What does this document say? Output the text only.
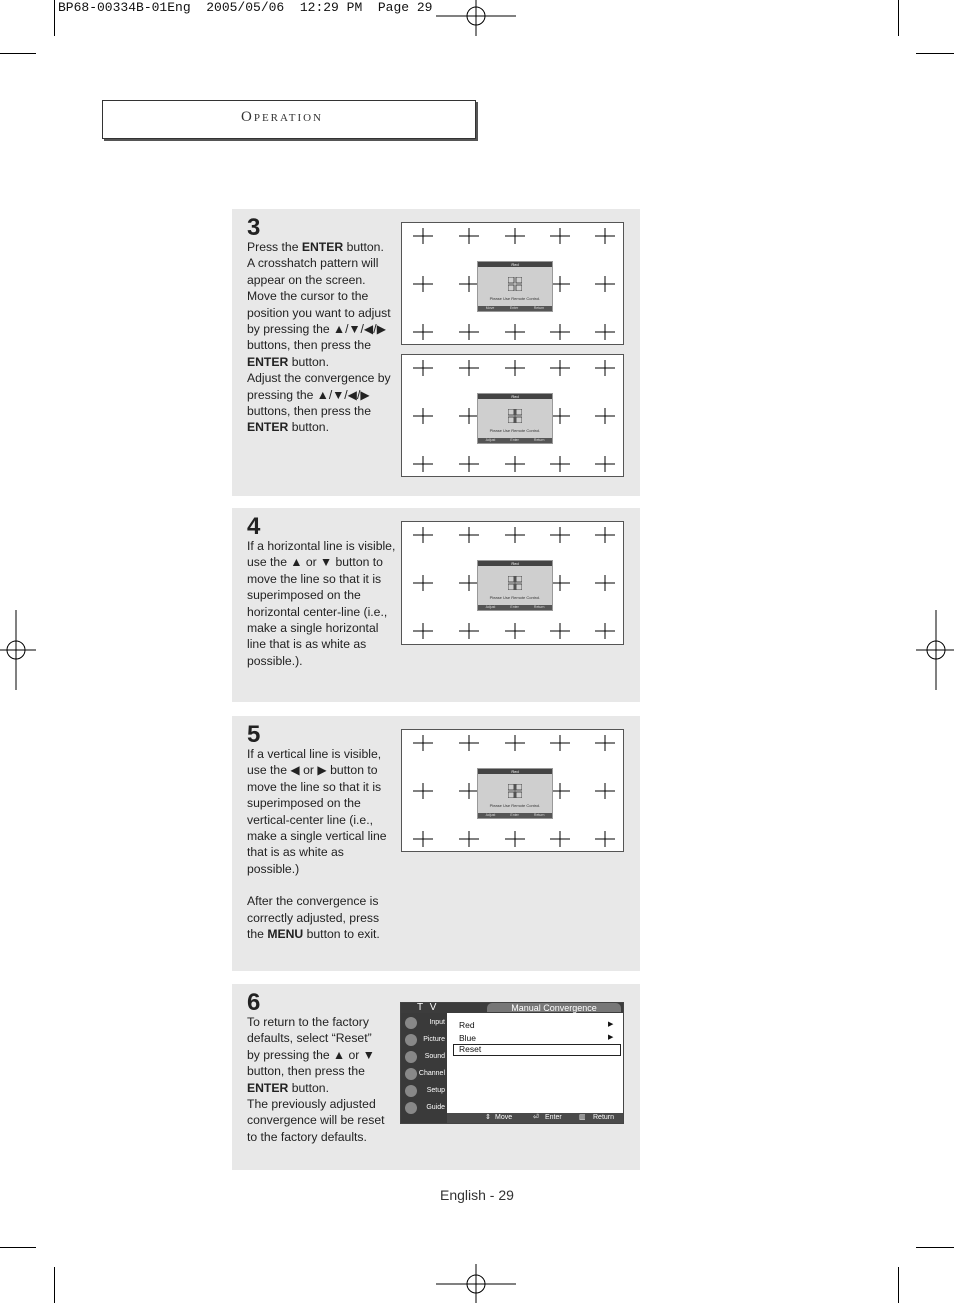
BP68-00334B-01Eng  2005/05/06  12:29 PM  Page 29
Operation
3
Press the ENTER button.
A crosshatch pattern will
appear on the screen.
Move the cursor to the
position you want to adjust
by pressing the ▲/▼/◀/▶
buttons, then press the
ENTER button.
Adjust the convergence by
pressing the ▲/▼/◀/▶
buttons, then press the
ENTER button.
4
If a horizontal line is visible,
use the ▲ or ▼ button to
move the line so that it is
superimposed on the
horizontal center-line (i.e.,
make a single horizontal
line that is as white as
possible.).
5
If a vertical line is visible,
use the ◀ or ▶ button to
move the line so that it is
superimposed on the
vertical-center line (i.e.,
make a single vertical line
that is as white as
possible.)
After the convergence is
correctly adjusted, press
the MENU button to exit.
6
To return to the factory
defaults, select “Reset”
by pressing the ▲ or ▼
button, then press the
ENTER button.
The previously adjusted
convergence will be reset
to the factory defaults.
Red
Please Use Remote Control.
Move	Enter	Return
Red
Please Use Remote Control.
Adjust	Enter	Return
Red
Please Use Remote Control.
Adjust	Enter	Return
Red
Please Use Remote Control.
Adjust	Enter	Return
T V	Manual Convergence
Input
Picture
Sound
Channel
Setup
Guide
Red	▶
Blue	▶
Reset
⇕ Move	⏎ Enter ▥ Return
English - 29
